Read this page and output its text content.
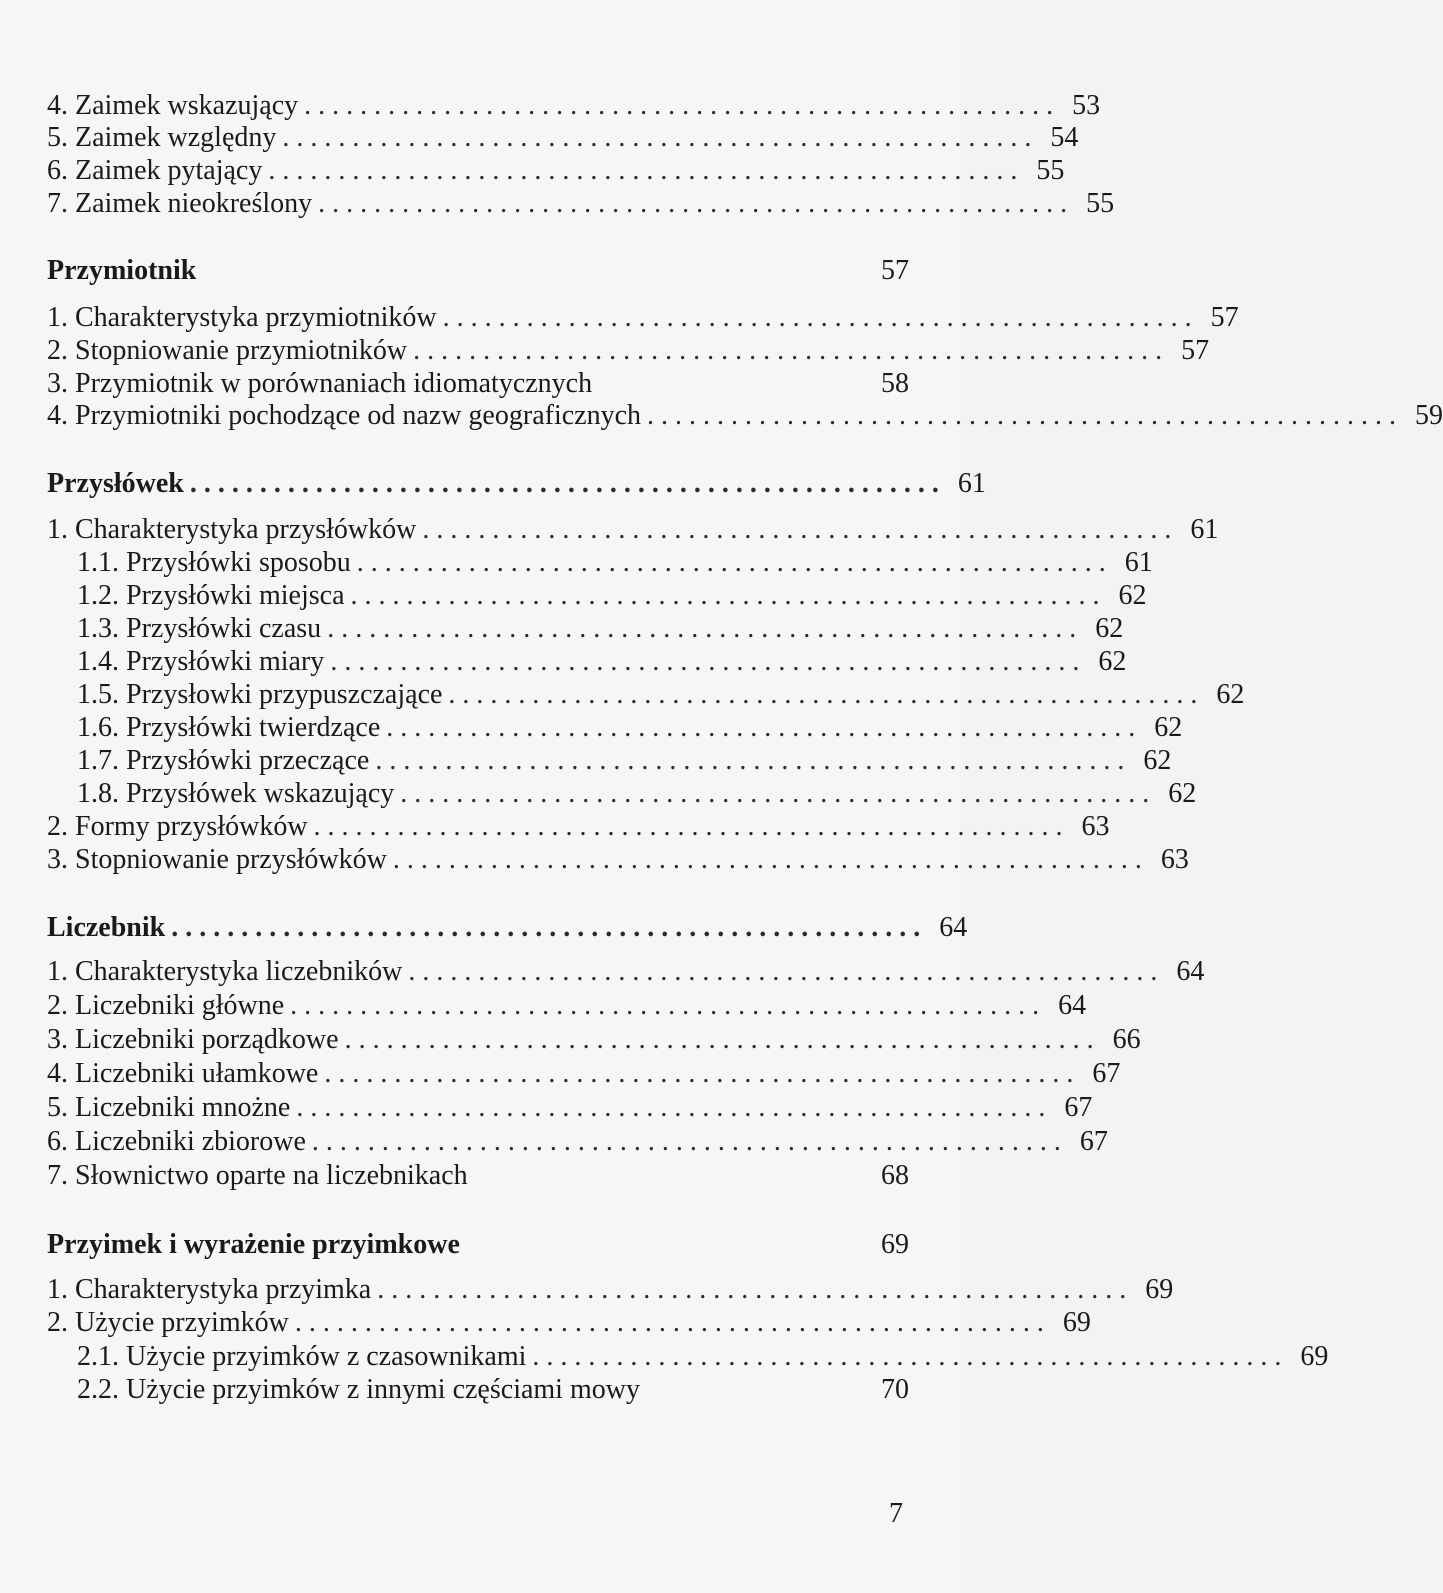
4. Zaimek wskazujący ...................................................... 53
5. Zaimek względny ...................................................... 54
6. Zaimek pytający ...................................................... 55
7. Zaimek nieokreślony ...................................................... 55
Przymiotnik	57
1. Charakterystyka przymiotników ...................................................... 57
2. Stopniowanie przymiotników ...................................................... 57
3. Przymiotnik w porównaniach idiomatycznych	58
4. Przymiotniki pochodzące od nazw geograficznych ...................................................... 59
Przysłówek ...................................................... 61
1. Charakterystyka przysłówków ...................................................... 61
1.1. Przysłówki sposobu ...................................................... 61
1.2. Przysłówki miejsca ...................................................... 62
1.3. Przysłówki czasu ...................................................... 62
1.4. Przysłówki miary ...................................................... 62
1.5. Przysłowki przypuszczające ...................................................... 62
1.6. Przysłówki twierdzące ...................................................... 62
1.7. Przysłówki przeczące ...................................................... 62
1.8. Przysłówek wskazujący ...................................................... 62
2. Formy przysłówków ...................................................... 63
3. Stopniowanie przysłówków ...................................................... 63
Liczebnik ...................................................... 64
1. Charakterystyka liczebników ...................................................... 64
2. Liczebniki główne ...................................................... 64
3. Liczebniki porządkowe ...................................................... 66
4. Liczebniki ułamkowe ...................................................... 67
5. Liczebniki mnożne ...................................................... 67
6. Liczebniki zbiorowe ...................................................... 67
7. Słownictwo oparte na liczebnikach	68
Przyimek i wyrażenie przyimkowe	69
1. Charakterystyka przyimka ...................................................... 69
2. Użycie przyimków ...................................................... 69
2.1. Użycie przyimków z czasownikami ...................................................... 69
2.2. Użycie przyimków z innymi częściami mowy	70
7
